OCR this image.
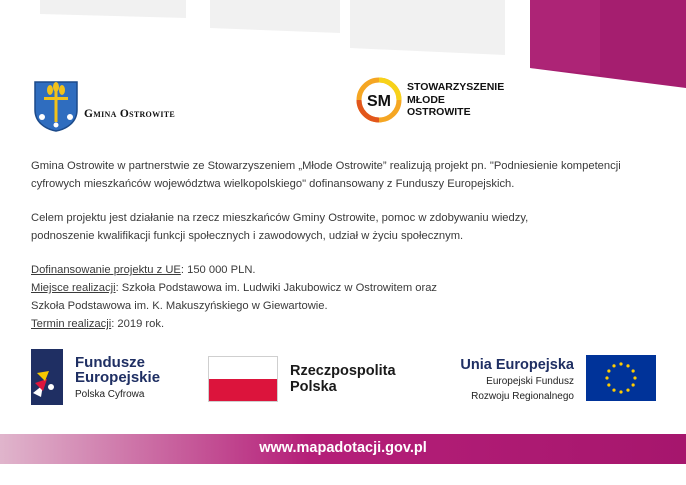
Gmina Ostrowite
SM
STOWARZYSZENIE
MŁODE
OSTROWITE

Gmina Ostrowite w partnerstwie ze Stowarzyszeniem „Młode Ostrowite” realizują projekt pn. "Podniesienie kompetencji

cyfrowych mieszkańców województwa wielkopolskiego" dofinansowany z Funduszy Europejskich.

Celem projektu jest działanie na rzecz mieszkańców Gminy Ostrowite, pomoc w zdobywaniu wiedzy,

podnoszenie kwalifikacji funkcji społecznych i zawodowych, udział w życiu społecznym.

Dofinansowanie projektu z UE: 150 000 PLN.

Miejsce realizacji: Szkoła Podstawowa im. Ludwiki Jakubowicz w Ostrowitem oraz

Szkoła Podstawowa im. K. Makuszyńskiego w Giewartowie.

Termin realizacji: 2019 rok.

Fundusze
Europejskie
Polska Cyfrowa
Rzeczpospolita
Polska
Unia Europejska
Europejski Fundusz
Rozwoju Regionalnego
www.mapadotacji.gov.pl
